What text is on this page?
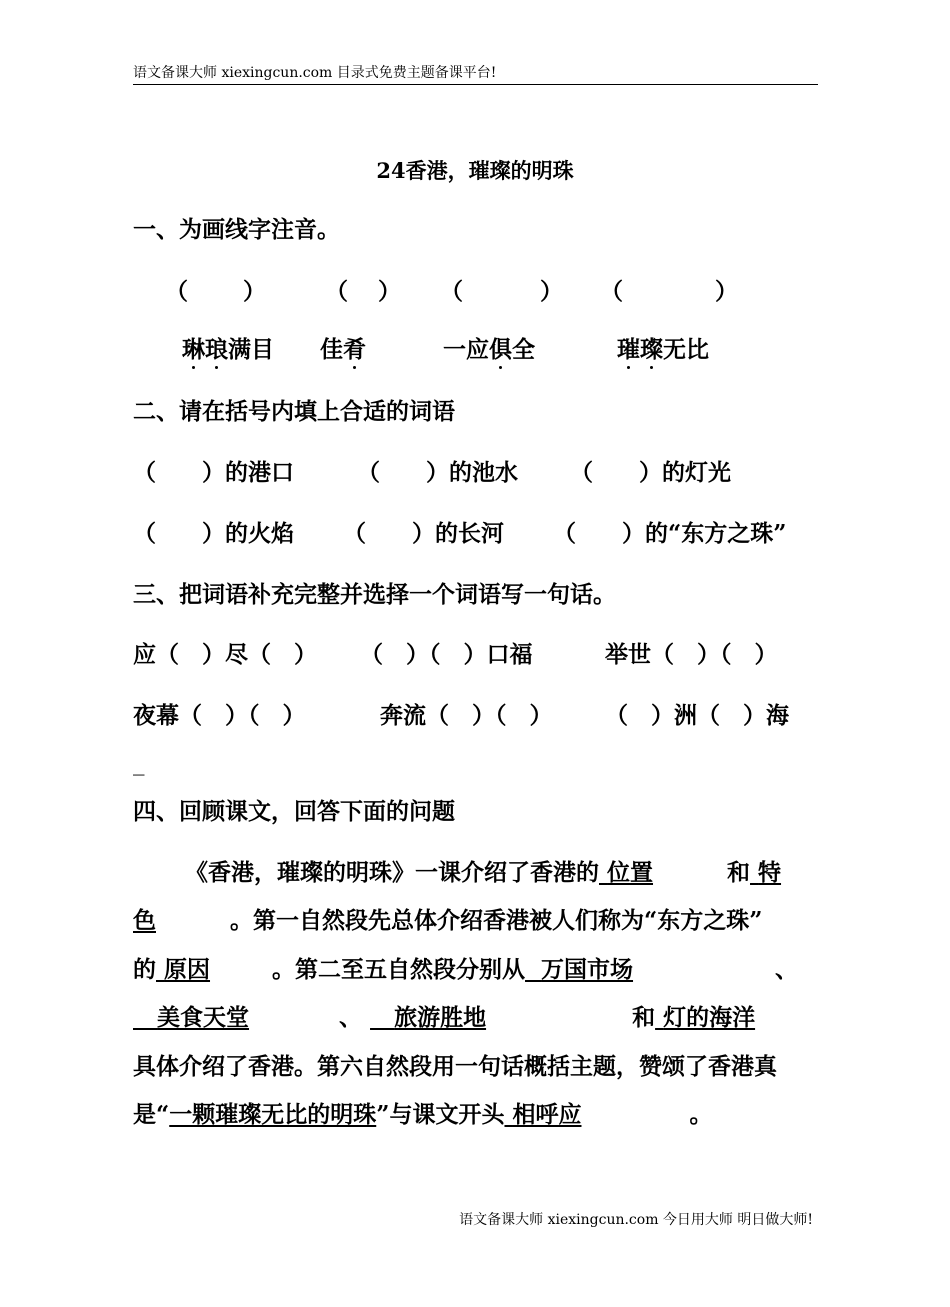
语文备课大师 xiexingcun.com 目录式免费主题备课平台!
24香港，璀璨的明珠
一、为画线字注音。
（ ）	（ ） （	） （	）
琳琅满目 佳肴	一应俱全	璀璨无比
二、请在括号内填上合适的词语
（　　）的港口	（　　）的池水 （　　）的灯光
（　　）的火焰 （　　）的长河 （　　）的“东方之珠”
三、把词语补充完整并选择一个词语写一句话。
应（　）尽（　） （　）（　）口福	举世（　）（　）
夜幕（　）（　）	奔流（　）（　） （　）洲（　）海
_
四、回顾课文，回答下面的问题
《香港，璀璨的明珠》一课介绍了香港的 位置	和 特
色	。第一自然段先总体介绍香港被人们称为“东方之珠”
的 原因	。第二至五自然段分别从 万国市场	、
美食天堂	、 旅游胜地	和 灯的海洋
具体介绍了香港。第六自然段用一句话概括主题，赞颂了香港真
是“一颗璀璨无比的明珠”与课文开头 相呼应	。
语文备课大师 xiexingcun.com 今日用大师 明日做大师!
